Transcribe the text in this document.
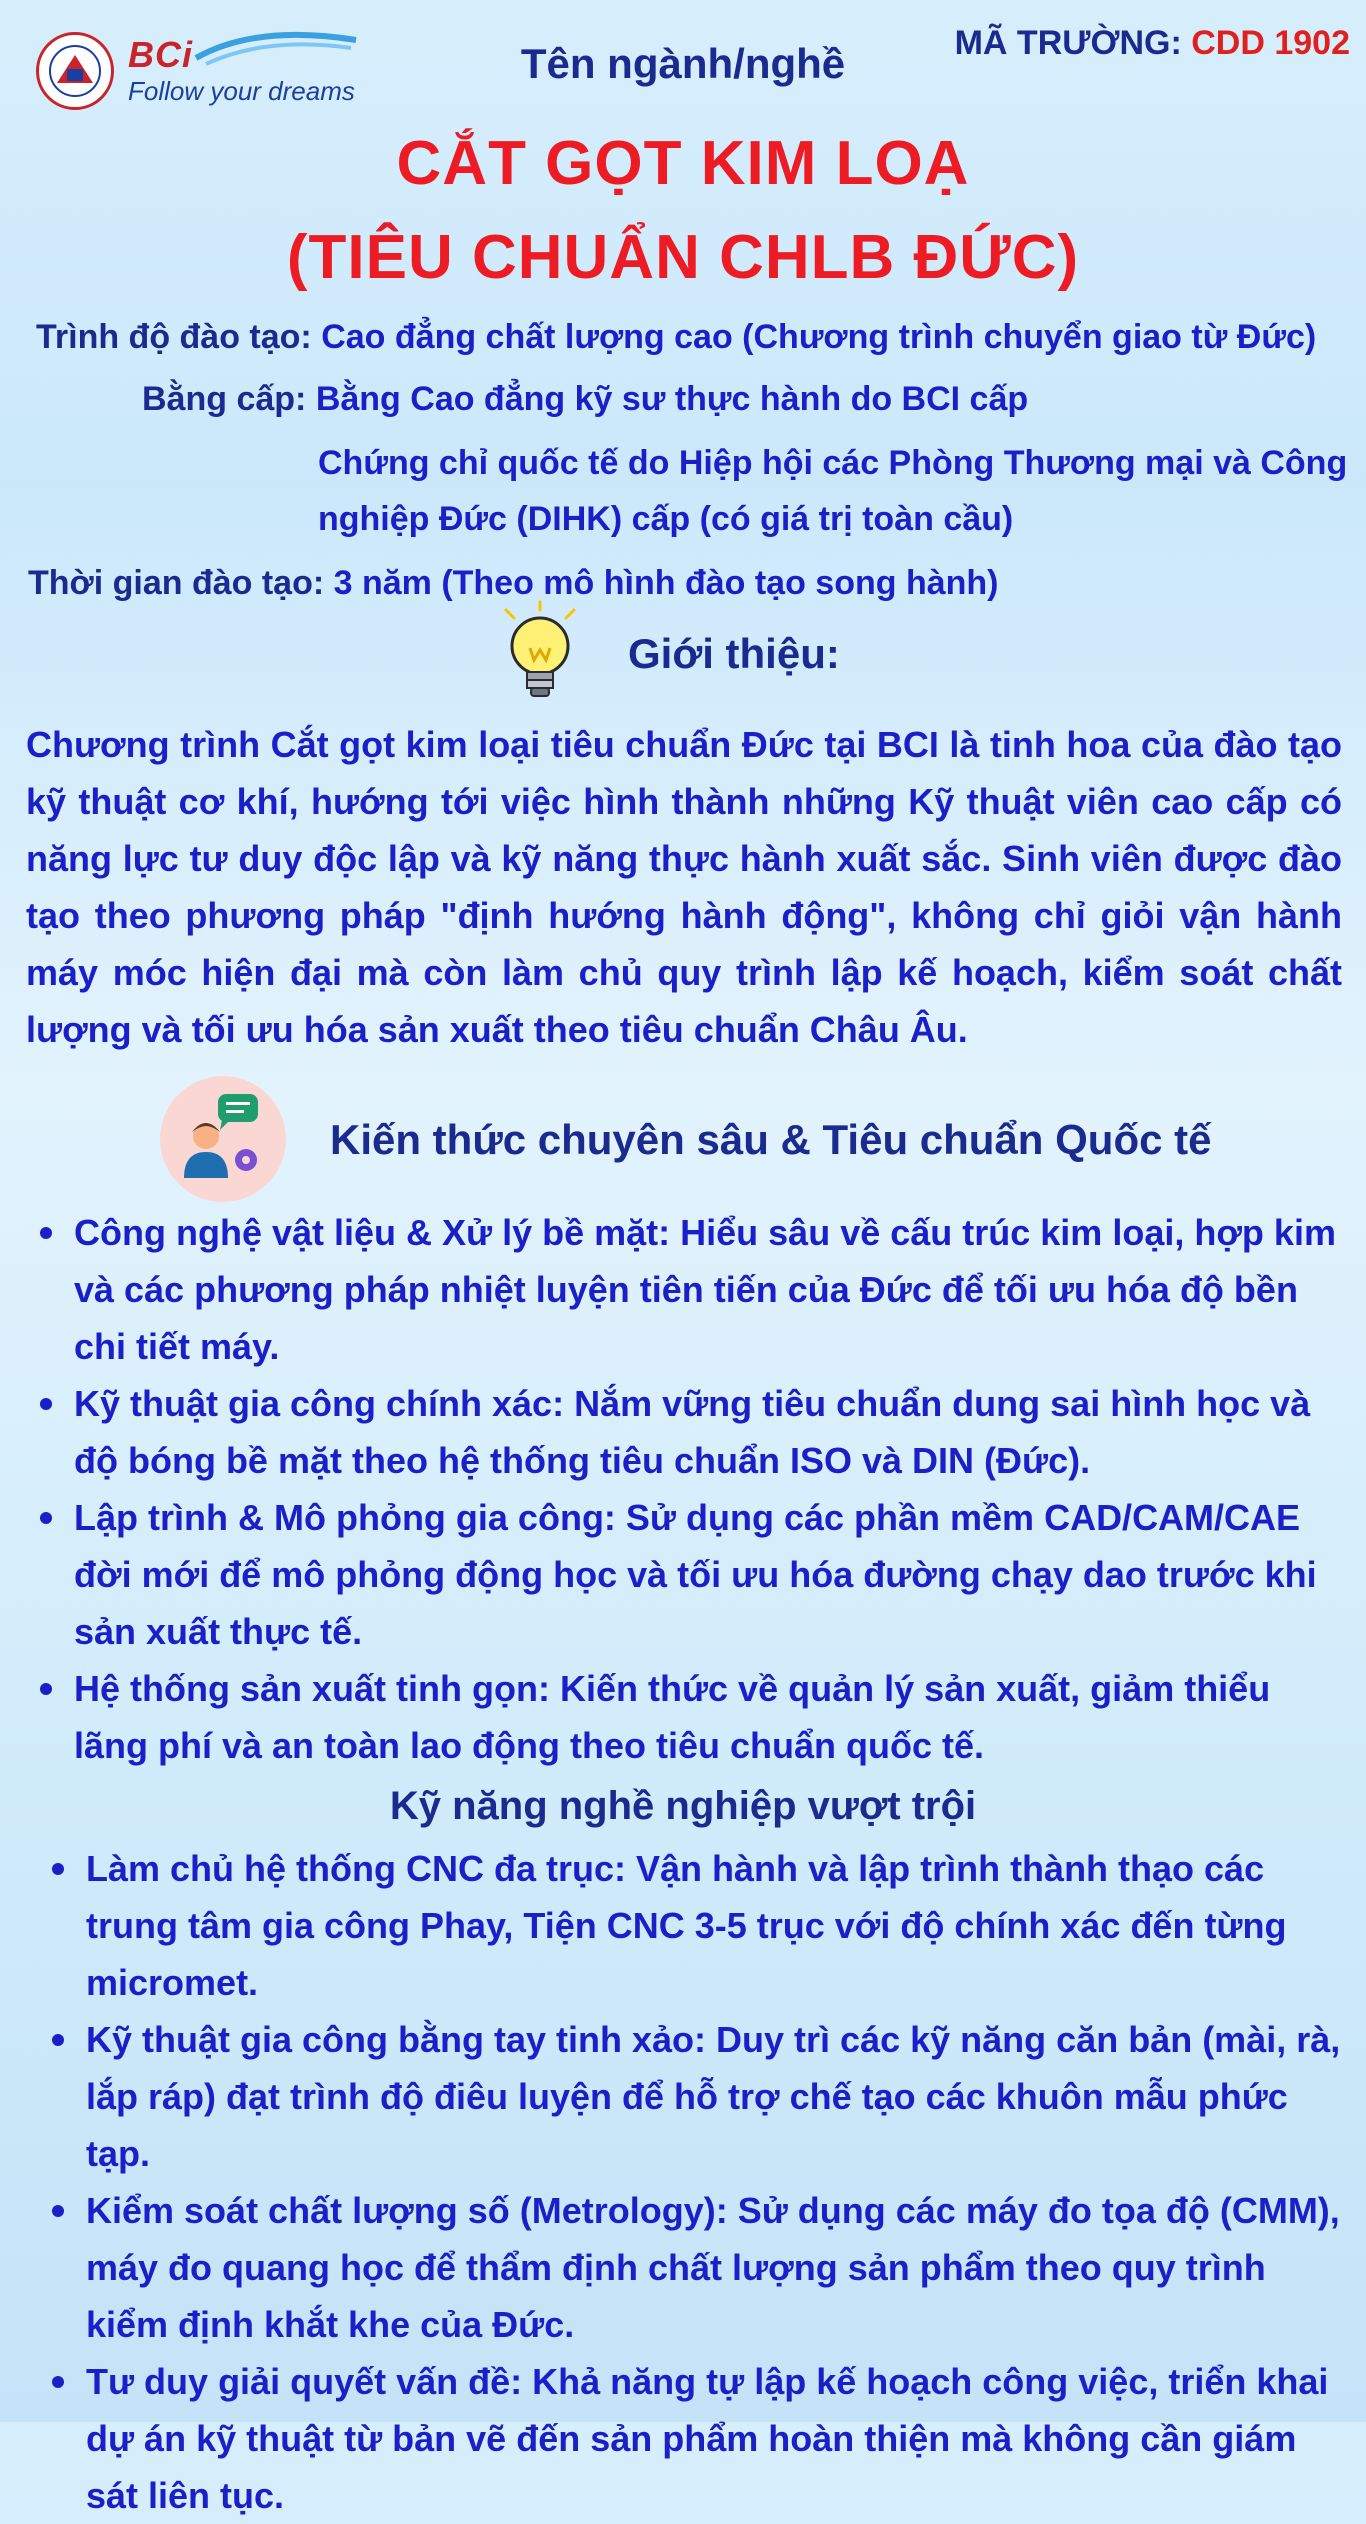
BCi
Follow your dreams
MÃ TRƯỜNG: CDD 1902
Tên ngành/nghề
CẮT GỌT KIM LOẠ
(TIÊU CHUẨN CHLB ĐỨC)
Trình độ đào tạo: Cao đẳng chất lượng cao (Chương trình chuyển giao từ Đức)
Bằng cấp: Bằng Cao đẳng kỹ sư thực hành do BCI cấp
Chứng chỉ quốc tế do Hiệp hội các Phòng Thương mại và Công
nghiệp Đức (DIHK) cấp (có giá trị toàn cầu)
Thời gian đào tạo: 3 năm (Theo mô hình đào tạo song hành)
Giới thiệu:

Chương trình Cắt gọt kim loại tiêu chuẩn Đức tại BCI là tinh hoa của đào tạo kỹ thuật cơ khí, hướng tới việc hình thành những Kỹ thuật viên cao cấp có năng lực tư duy độc lập và kỹ năng thực hành xuất sắc. Sinh viên được đào tạo theo phương pháp "định hướng hành động", không chỉ giỏi vận hành máy móc hiện đại mà còn làm chủ quy trình lập kế hoạch, kiểm soát chất lượng và tối ưu hóa sản xuất theo tiêu chuẩn Châu Âu.

Kiến thức chuyên sâu & Tiêu chuẩn Quốc tế
Công nghệ vật liệu & Xử lý bề mặt: Hiểu sâu về cấu trúc kim loại, hợp kim và các phương pháp nhiệt luyện tiên tiến của Đức để tối ưu hóa độ bền chi tiết máy.
Kỹ thuật gia công chính xác: Nắm vững tiêu chuẩn dung sai hình học và độ bóng bề mặt theo hệ thống tiêu chuẩn ISO và DIN (Đức).
Lập trình & Mô phỏng gia công: Sử dụng các phần mềm CAD/CAM/CAE đời mới để mô phỏng động học và tối ưu hóa đường chạy dao trước khi sản xuất thực tế.
Hệ thống sản xuất tinh gọn: Kiến thức về quản lý sản xuất, giảm thiểu lãng phí và an toàn lao động theo tiêu chuẩn quốc tế.
Kỹ năng nghề nghiệp vượt trội
Làm chủ hệ thống CNC đa trục: Vận hành và lập trình thành thạo các trung tâm gia công Phay, Tiện CNC 3-5 trục với độ chính xác đến từng micromet.
Kỹ thuật gia công bằng tay tinh xảo: Duy trì các kỹ năng căn bản (mài, rà, lắp ráp) đạt trình độ điêu luyện để hỗ trợ chế tạo các khuôn mẫu phức tạp.
Kiểm soát chất lượng số (Metrology): Sử dụng các máy đo tọa độ (CMM), máy đo quang học để thẩm định chất lượng sản phẩm theo quy trình kiểm định khắt khe của Đức.
Tư duy giải quyết vấn đề: Khả năng tự lập kế hoạch công việc, triển khai dự án kỹ thuật từ bản vẽ đến sản phẩm hoàn thiện mà không cần giám sát liên tục.
